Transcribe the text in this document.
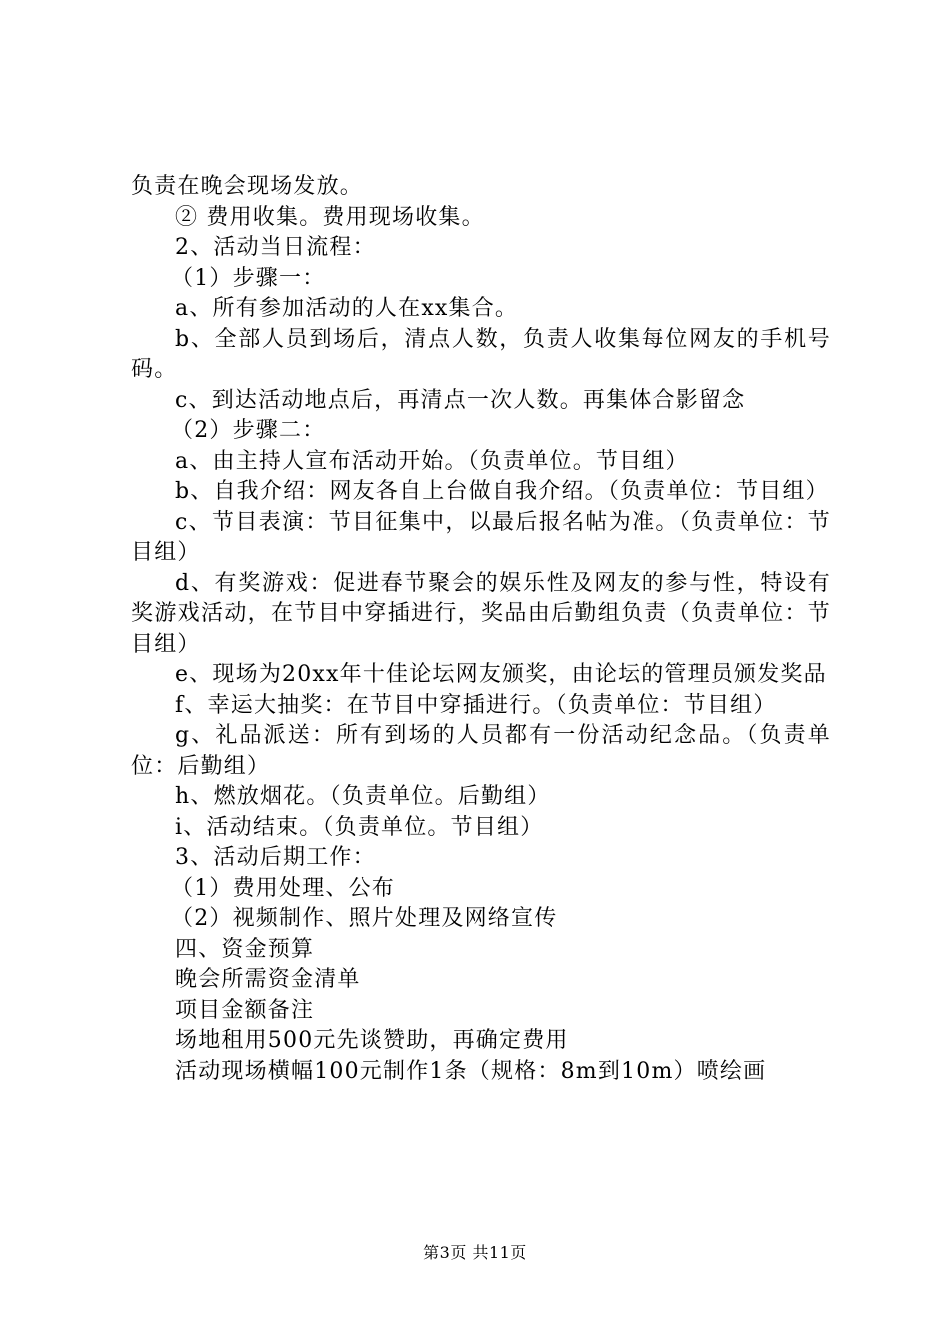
负责在晚会现场发放。

② 费用收集。费用现场收集。

2、活动当日流程：

（1）步骤一：

a、所有参加活动的人在xx集合。

b、全部人员到场后，清点人数，负责人收集每位网友的手机号码。

c、到达活动地点后，再清点一次人数。再集体合影留念

（2）步骤二：

a、由主持人宣布活动开始。（负责单位。节目组）

b、自我介绍：网友各自上台做自我介绍。（负责单位：节目组）

c、节目表演：节目征集中，以最后报名帖为准。（负责单位：节目组）

d、有奖游戏：促进春节聚会的娱乐性及网友的参与性，特设有奖游戏活动，在节目中穿插进行，奖品由后勤组负责（负责单位：节目组）

e、现场为20xx年十佳论坛网友颁奖，由论坛的管理员颁发奖品

f、幸运大抽奖：在节目中穿插进行。（负责单位：节目组）

g、礼品派送：所有到场的人员都有一份活动纪念品。（负责单位：后勤组）

h、燃放烟花。（负责单位。后勤组）

i、活动结束。（负责单位。节目组）

3、活动后期工作：

（1）费用处理、公布

（2）视频制作、照片处理及网络宣传

四、资金预算

晚会所需资金清单

项目金额备注

场地租用500元先谈赞助，再确定费用

活动现场横幅100元制作1条（规格：8m到10m）喷绘画

第3页 共11页
